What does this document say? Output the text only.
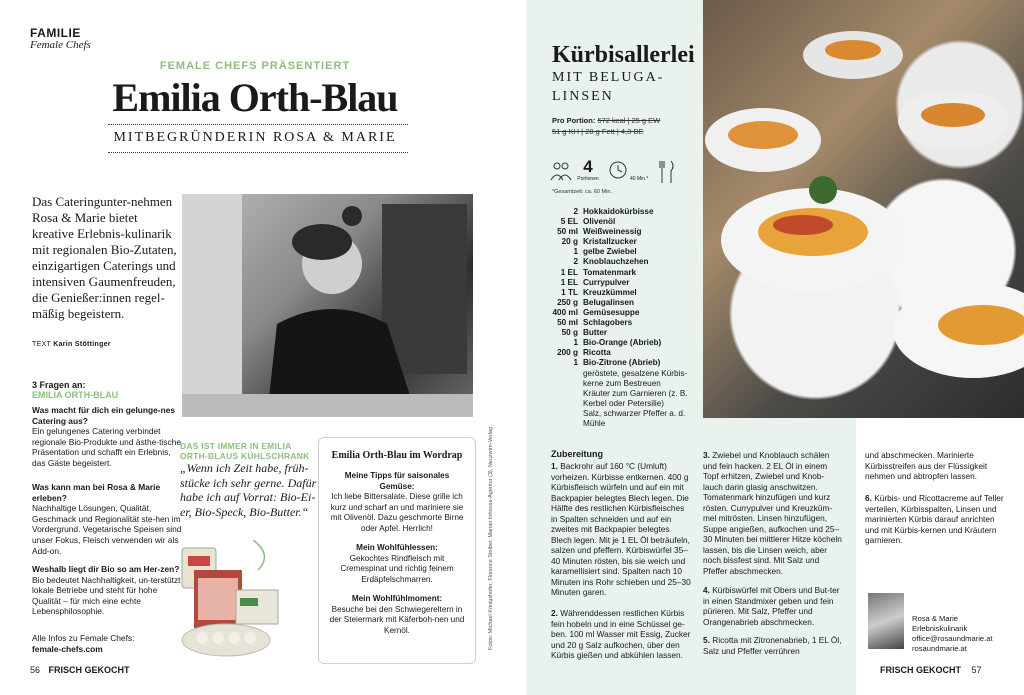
FAMILIE
Female Chefs
FEMALE CHEFS PRÄSENTIERT
Emilia Orth-Blau
MITBEGRÜNDERIN ROSA & MARIE
Das Cateringunter-nehmen Rosa & Marie bietet kreative Erlebnis-kulinarik mit regionalen Bio-Zutaten, einzigartigen Caterings und intensiven Gaumenfreuden, die Genießer:innen regel-mäßig begeistern.
TEXT Karin Stöttinger
3 Fragen an:
EMILIA ORTH-BLAU
Was macht für dich ein gelunge-nes Catering aus?
Ein gelungenes Catering verbindet regionale Bio-Produkte und ästhe-tische Präsentation und schafft ein Erlebnis, das Gäste begeistert.
Was kann man bei Rosa & Marie erleben?
Nachhaltige Lösungen, Qualität, Geschmack und Regionalität ste-hen im Vordergrund. Vegetarische Speisen sind unser Fokus, Fleisch verwenden wir als Add-on.
Weshalb liegt dir Bio so am Her-zen?
Bio bedeutet Nachhaltigkeit, un-terstützt lokale Betriebe und steht für hohe Qualität – für mich eine echte Lebensphilosophie.
Alle Infos zu Female Chefs:
female-chefs.com
DAS IST IMMER IN EMILIA ORTH-BLAUS KÜHLSCHRANK
„Wenn ich Zeit habe, früh-stücke ich sehr gerne. Dafür habe ich auf Vorrat: Bio-Ei-er, Bio-Speck, Bio-Butter.“
Emilia Orth-Blau im Wordrap
Meine Tipps für saisonales Gemüse:
Ich liebe Bittersalate. Diese grille ich kurz und scharf an und mariniere sie mit Olivenöl. Dazu geschmorte Birne oder Apfel. Herrlich!
Mein Wohlfühlessen:
Gekochtes Rindfleisch mit Cremespinat und richtig feinem Erdäpfelschmarren.
Mein Wohlfühlmoment:
Besuche bei den Schwiegereltern in der Steiermark mit Käferboh-nen und Kernöl.	Fotos: Michael Königshofer, Florence Stoiber, Marian Inhouse-Agentur (3), Neuzwirn-Verlag
56 FRISCH GEKOCHT
Kürbisallerlei
MIT BELUGA-LINSEN
Pro Portion: 572 kcal | 25 g EW
51 g KH | 28 g Fett | 4,3 BE
4
Portionen	40 Min.*
*Gesamtzeit: ca. 60 Min.
2 Hokkaidokürbisse
5 EL Olivenöl
50 ml Weißweinessig
20 g Kristallzucker
1 gelbe Zwiebel
2 Knoblauchzehen
1 EL Tomatenmark
1 EL Currypulver
1 TL Kreuzkümmel
250 g Belugalinsen
400 ml Gemüsesuppe
50 ml Schlagobers
50 g Butter
1 Bio-Orange (Abrieb)
200 g Ricotta
1 Bio-Zitrone (Abrieb)
geröstete, gesalzene Kürbis-kerne zum Bestreuen
Kräuter zum Garnieren (z. B. Kerbel oder Petersilie)
Salz, schwarzer Pfeffer a. d. Mühle
Zubereitung
1. Backrohr auf 160 °C (Umluft) vorheizen. Kürbisse entkernen. 400 g Kürbisfleisch würfeln und auf ein mit Backpapier belegtes Blech legen. Die Hälfte des restlichen Kürbisfleisches in Spalten schneiden und auf ein zweites mit Backpapier belegtes Blech legen. Mit je 1 EL Öl beträufeln, salzen und pfeffern. Kürbiswürfel 35–40 Minuten rösten, bis sie weich und karamellisiert sind. Spalten nach 10 Minuten ins Rohr schieben und 25–30 Minuten garen.
2. Währenddessen restlichen Kürbis fein hobeln und in eine Schüssel ge-ben. 100 ml Wasser mit Essig, Zucker und 20 g Salz aufkochen, über den Kürbis gießen und abkühlen lassen.
3. Zwiebel und Knoblauch schälen und fein hacken. 2 EL Öl in einem Topf erhitzen, Zwiebel und Knob-lauch darin glasig anschwitzen. Tomatenmark hinzufügen und kurz rösten. Currypulver und Kreuzküm-mel mitrösten. Linsen hinzufügen, Suppe angießen, aufkochen und 25–30 Minuten bei mittlerer Hitze köcheln lassen, bis die Linsen weich, aber noch bissfest sind. Mit Salz und Pfeffer abschmecken.
4. Kürbiswürfel mit Obers und But-ter in einen Standmixer geben und fein pürieren. Mit Salz, Pfeffer und Orangenabrieb abschmecken.
5. Ricotta mit Zitronenabrieb, 1 EL Öl, Salz und Pfeffer verrühren
und abschmecken. Marinierte Kürbisstreifen aus der Flüssigkeit nehmen und abtropfen lassen.
6. Kürbis- und Ricottacreme auf Teller verteilen, Kürbisspalten, Linsen und marinierten Kürbis darauf anrichten und mit Kürbis-kernen und Kräutern garnieren.
Rosa & Marie
Erlebniskulinarik
office@rosaundmarie.at
rosaundmarie.at
FRISCH GEKOCHT 57
